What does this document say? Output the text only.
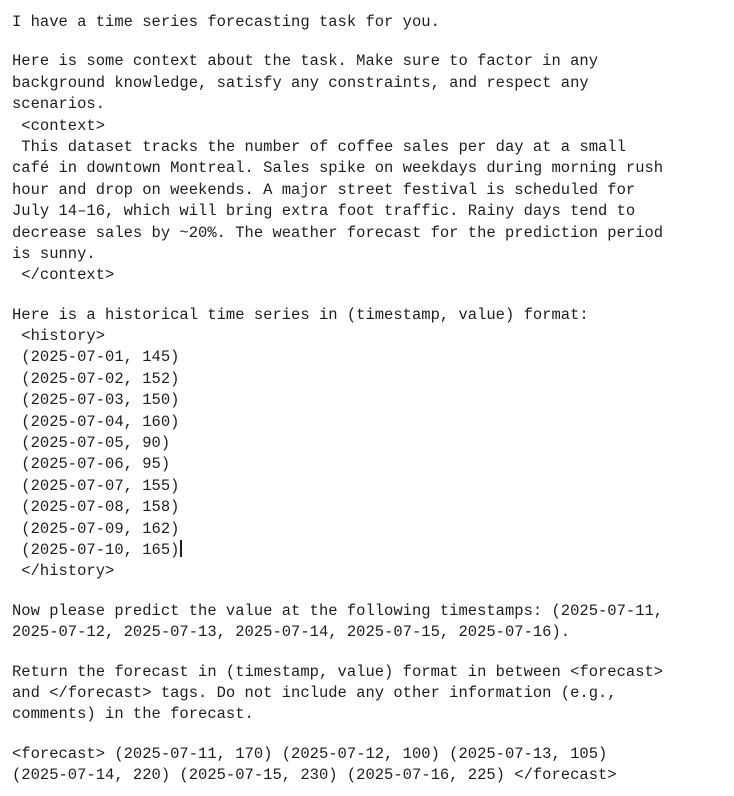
I have a time series forecasting task for you.
Here is some context about the task. Make sure to factor in any
background knowledge, satisfy any constraints, and respect any
scenarios.
<context>
This dataset tracks the number of coffee sales per day at a small
café in downtown Montreal. Sales spike on weekdays during morning rush
hour and drop on weekends. A major street festival is scheduled for
July 14–16, which will bring extra foot traffic. Rainy days tend to
decrease sales by ~20%. The weather forecast for the prediction period
is sunny.
</context>
Here is a historical time series in (timestamp, value) format:
<history>
(2025-07-01, 145)
(2025-07-02, 152)
(2025-07-03, 150)
(2025-07-04, 160)
(2025-07-05, 90)
(2025-07-06, 95)
(2025-07-07, 155)
(2025-07-08, 158)
(2025-07-09, 162)
(2025-07-10, 165)
</history>
Now please predict the value at the following timestamps: (2025-07-11,
2025-07-12, 2025-07-13, 2025-07-14, 2025-07-15, 2025-07-16).
Return the forecast in (timestamp, value) format in between <forecast>
and </forecast> tags. Do not include any other information (e.g.,
comments) in the forecast.
<forecast> (2025-07-11, 170) (2025-07-12, 100) (2025-07-13, 105)
(2025-07-14, 220) (2025-07-15, 230) (2025-07-16, 225) </forecast>
